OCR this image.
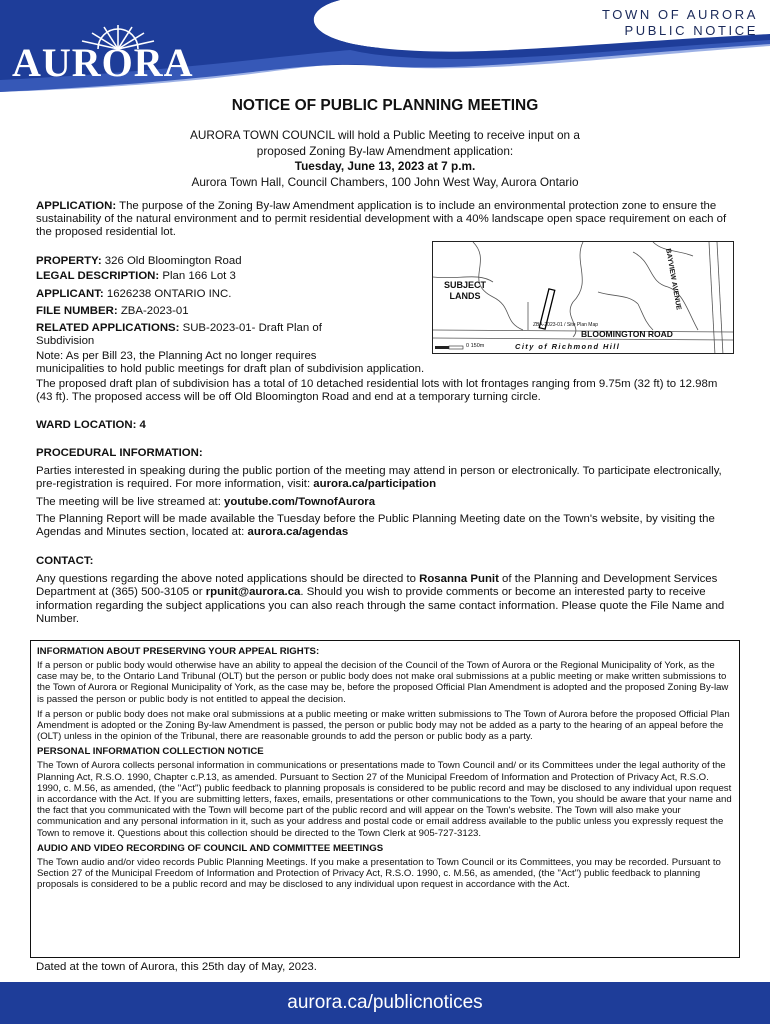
AURORA
TOWN OF AURORA
PUBLIC NOTICE
NOTICE OF PUBLIC PLANNING MEETING
AURORA TOWN COUNCIL will hold a Public Meeting to receive input on a
proposed Zoning By-law Amendment application:
Tuesday, June 13, 2023 at 7 p.m.
Aurora Town Hall, Council Chambers, 100 John West Way, Aurora Ontario
APPLICATION: The purpose of the Zoning By-law Amendment application is to include an environmental protection zone to ensure the sustainability of the natural environment and to permit residential development with a 40% landscape open space requirement on each of the proposed residential lot.
PROPERTY: 326 Old Bloomington Road
LEGAL DESCRIPTION: Plan 166 Lot 3
APPLICANT: 1626238 ONTARIO INC.
FILE NUMBER: ZBA-2023-01
RELATED APPLICATIONS: SUB-2023-01- Draft Plan of
Subdivision
SUBJECT
LANDS
BLOOMINGTON ROAD
BAYVIEW AVENUE
City of Richmond Hill
0 150m
ZBA-2023-01 / Site Plan Map
Note: As per Bill 23, the Planning Act no longer requires
municipalities to hold public meetings for draft plan of subdivision application.
The proposed draft plan of subdivision has a total of 10 detached residential lots with lot frontages ranging from 9.75m (32 ft) to 12.98m (43 ft). The proposed access will be off Old Bloomington Road and end at a temporary turning circle.
WARD LOCATION: 4
PROCEDURAL INFORMATION:
Parties interested in speaking during the public portion of the meeting may attend in person or electronically. To participate electronically, pre-registration is required. For more information, visit: aurora.ca/participation
The meeting will be live streamed at: youtube.com/TownofAurora
The Planning Report will be made available the Tuesday before the Public Planning Meeting date on the Town's website, by visiting the Agendas and Minutes section, located at: aurora.ca/agendas
CONTACT:
Any questions regarding the above noted applications should be directed to Rosanna Punit of the Planning and Development Services Department at (365) 500-3105 or rpunit@aurora.ca. Should you wish to provide comments or become an interested party to receive information regarding the subject applications you can also reach through the same contact information. Please quote the File Name and Number.
INFORMATION ABOUT PRESERVING YOUR APPEAL RIGHTS:

If a person or public body would otherwise have an ability to appeal the decision of the Council of the Town of Aurora or the Regional Municipality of York, as the case may be, to the Ontario Land Tribunal (OLT) but the person or public body does not make oral submissions at a public meeting or make written submissions to the Town of Aurora or Regional Municipality of York, as the case may be, before the proposed Official Plan Amendment is adopted and the proposed Zoning By-law is passed the person or public body is not entitled to appeal the decision.

If a person or public body does not make oral submissions at a public meeting or make written submissions to The Town of Aurora before the proposed Official Plan Amendment is adopted or the Zoning By-law Amendment is passed, the person or public body may not be added as a party to the hearing of an appeal before the (OLT) unless in the opinion of the Tribunal, there are reasonable grounds to add the person or public body as a party.

PERSONAL INFORMATION COLLECTION NOTICE

The Town of Aurora collects personal information in communications or presentations made to Town Council and/ or its Committees under the legal authority of the Planning Act, R.S.O. 1990, Chapter c.P.13, as amended. Pursuant to Section 27 of the Municipal Freedom of Information and Protection of Privacy Act, R.S.O. 1990, c. M.56, as amended, (the "Act") public feedback to planning proposals is considered to be public record and may be disclosed to any individual upon request in accordance with the Act. If you are submitting letters, faxes, emails, presentations or other communications to the Town, you should be aware that your name and the fact that you communicated with the Town will become part of the public record and will appear on the Town's website. The Town will also make your communication and any personal information in it, such as your address and postal code or email address available to the public unless you expressly request the Town to remove it. Questions about this collection should be directed to the Town Clerk at 905-727-3123.

AUDIO AND VIDEO RECORDING OF COUNCIL AND COMMITTEE MEETINGS

The Town audio and/or video records Public Planning Meetings. If you make a presentation to Town Council or its Committees, you may be recorded. Pursuant to Section 27 of the Municipal Freedom of Information and Protection of Privacy Act, R.S.O. 1990, c. M.56, as amended, (the "Act") public feedback to planning proposals is considered to be a public record and may be disclosed to any individual upon request in accordance with the Act.

Dated at the town of Aurora, this 25th day of May, 2023.
aurora.ca/publicnotices
